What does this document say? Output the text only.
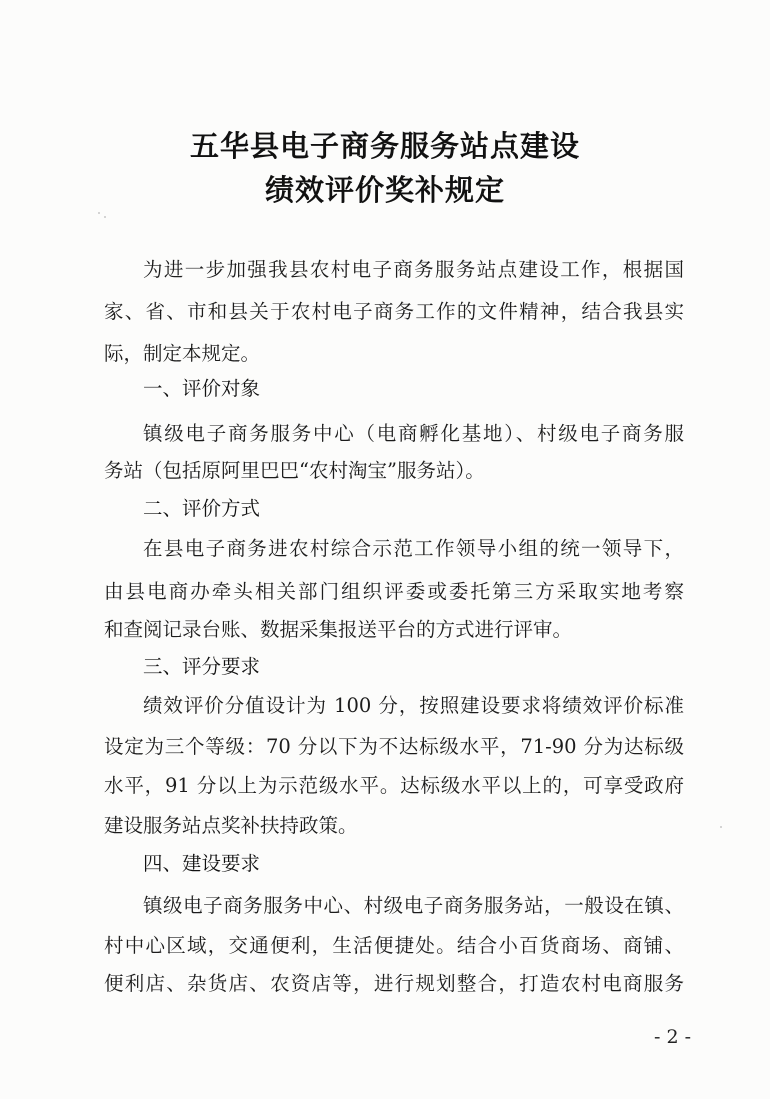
五华县电子商务服务站点建设
绩效评价奖补规定
为进一步加强我县农村电子商务服务站点建设工作，根据国
家、省、市和县关于农村电子商务工作的文件精神，结合我县实
际，制定本规定。
一、评价对象
镇级电子商务服务中心（电商孵化基地）、村级电子商务服
务站（包括原阿里巴巴“农村淘宝”服务站）。
二、评价方式
在县电子商务进农村综合示范工作领导小组的统一领导下，
由县电商办牵头相关部门组织评委或委托第三方采取实地考察
和查阅记录台账、数据采集报送平台的方式进行评审。
三、评分要求
绩效评价分值设计为 100 分，按照建设要求将绩效评价标准
设定为三个等级：70 分以下为不达标级水平，71-90 分为达标级
水平，91 分以上为示范级水平。达标级水平以上的，可享受政府
建设服务站点奖补扶持政策。
四、建设要求
镇级电子商务服务中心、村级电子商务服务站，一般设在镇、
村中心区域，交通便利，生活便捷处。结合小百货商场、商铺、
便利店、杂货店、农资店等，进行规划整合，打造农村电商服务
- 2 -
